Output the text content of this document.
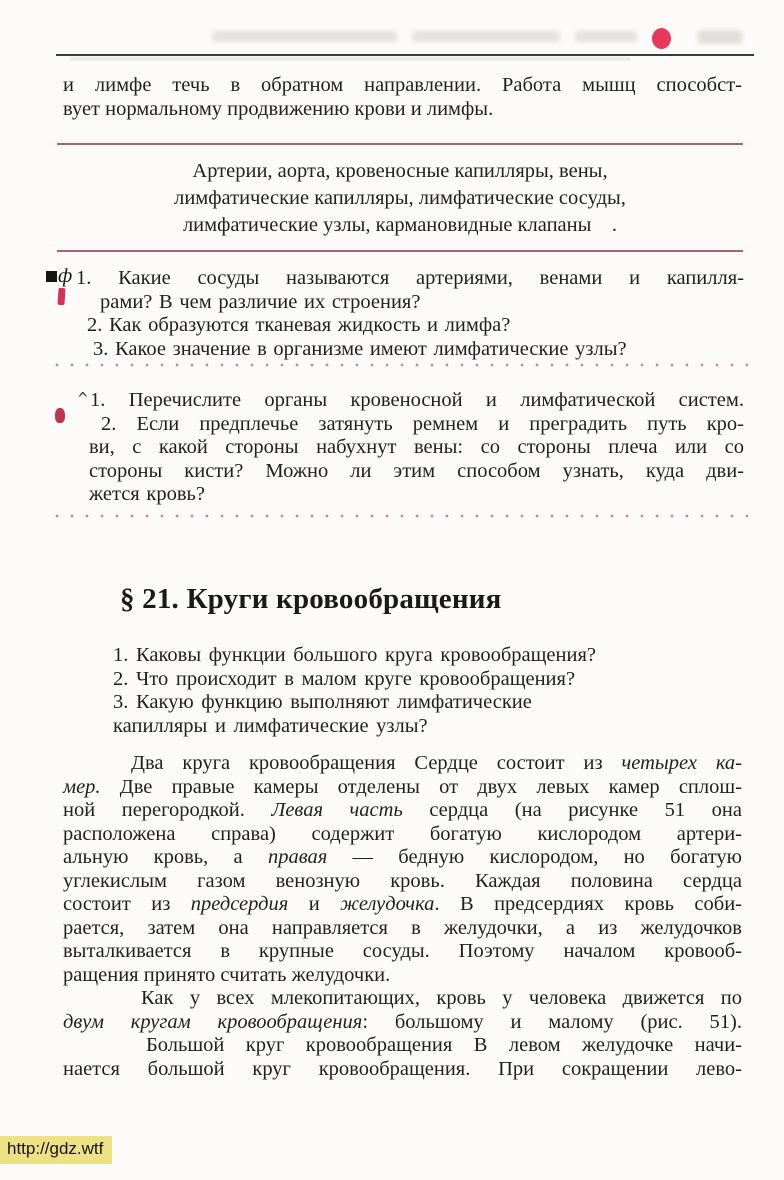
и лимфе течь в обратном направлении. Работа мышц способст-
вует нормальному продвижению крови и лимфы.
Артерии, аорта, кровеносные капилляры, вены,
лимфатические капилляры, лимфатические сосуды,
лимфатические узлы, кармановидные клапаны    .
ф 1. Какие сосуды называются артериями, венами и капилля-
рами? В чем различие их строения?
2. Как образуются тканевая жидкость и лимфа?
3. Какое значение в организме имеют лимфатические узлы?
^ 1. Перечислите органы кровеносной и лимфатической систем.
2. Если предплечье затянуть ремнем и преградить путь кро-
ви, с какой стороны набухнут вены: со стороны плеча или со
стороны кисти? Можно ли этим способом узнать, куда дви-
жется кровь?
§ 21. Круги кровообращения
1. Каковы функции большого круга кровообращения?
2. Что происходит в малом круге кровообращения?
3. Какую функцию выполняют лимфатические
капилляры и лимфатические узлы?
Два круга кровообращения Сердце состоит из четырех ка-
мер. Две правые камеры отделены от двух левых камер сплош-
ной перегородкой. Левая часть сердца (на рисунке 51 она
расположена справа) содержит богатую кислородом артери-
альную кровь, а правая — бедную кислородом, но богатую
углекислым газом венозную кровь. Каждая половина сердца
состоит из предсердия и желудочка. В предсердиях кровь соби-
рается, затем она направляется в желудочки, а из желудочков
выталкивается в крупные сосуды. Поэтому началом кровооб-
ращения принято считать желудочки.
Как у всех млекопитающих, кровь у человека движется по
двум кругам кровообращения: большому и малому (рис. 51).
Большой круг кровообращения В левом желудочке начи-
нается большой круг кровообращения. При сокращении лево-
http://gdz.wtf
